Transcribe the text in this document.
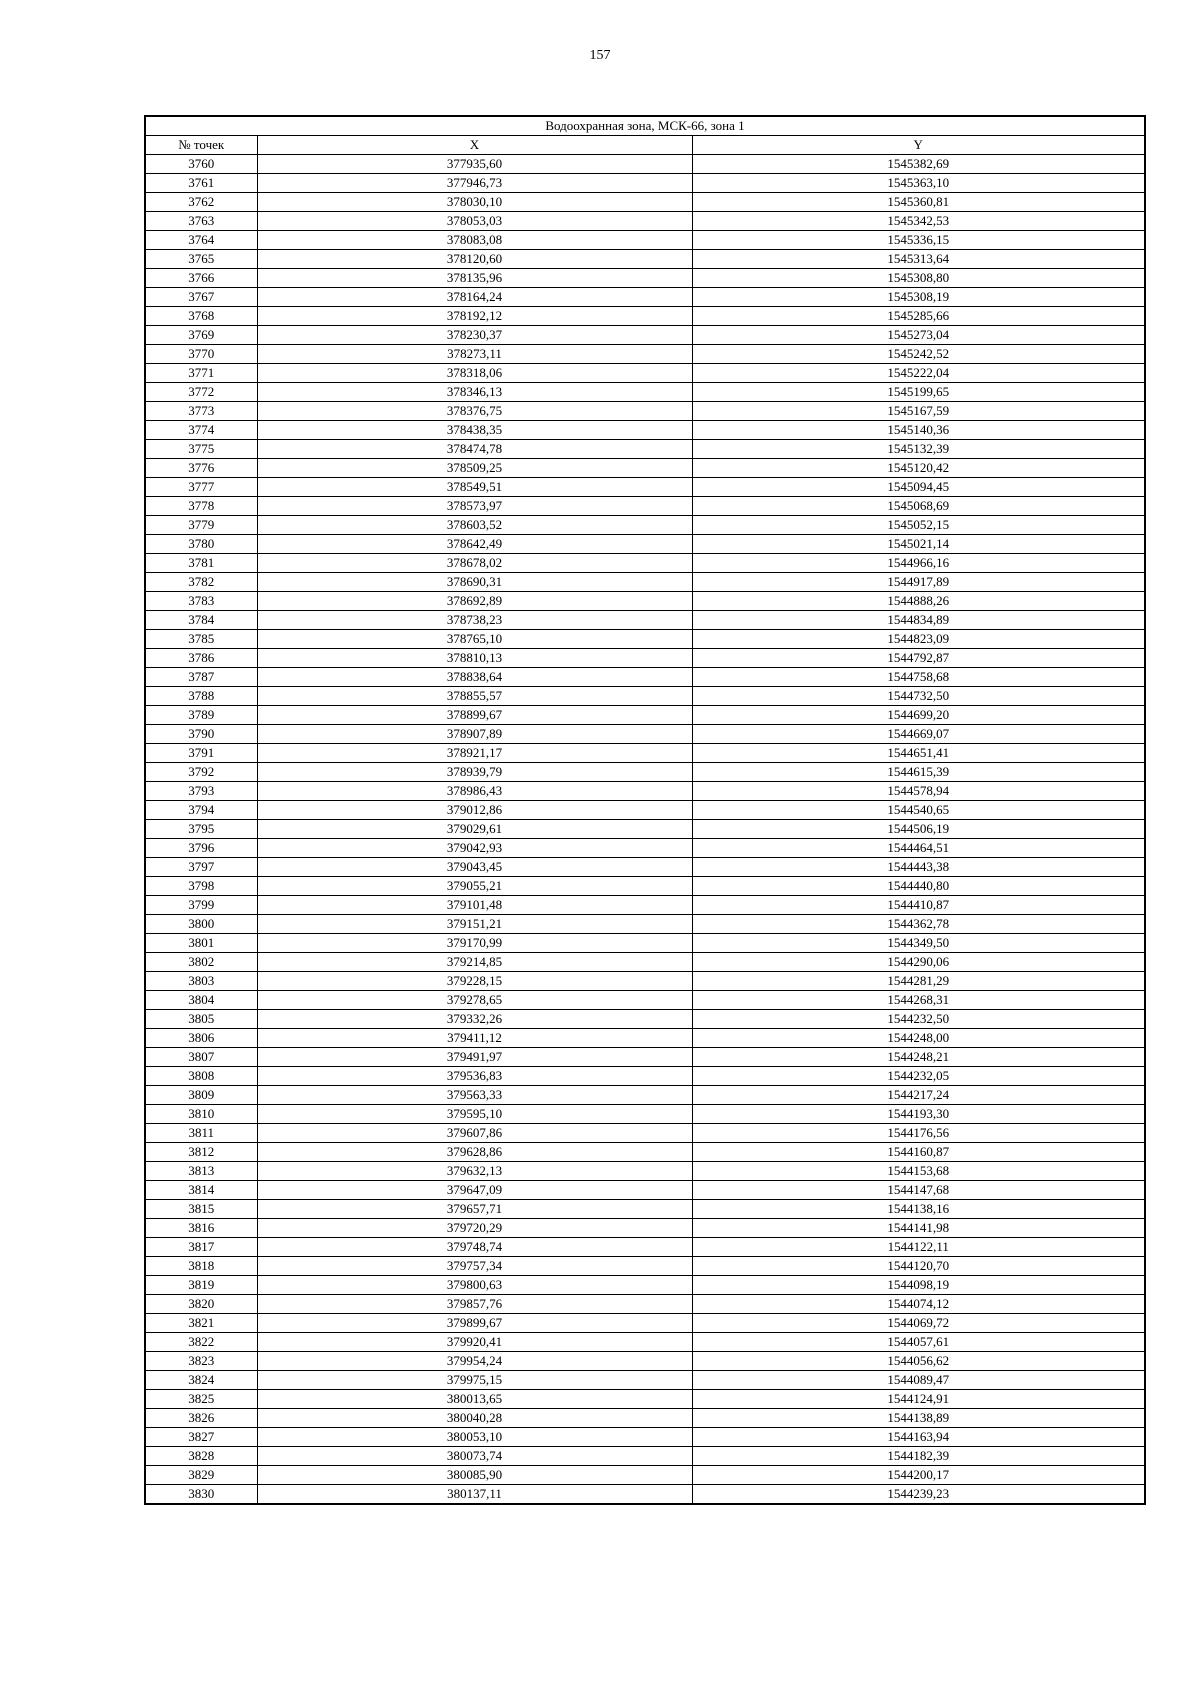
157
Водоохранная зона, МСК-66, зона 1		
№ точек	X	Y
3760	377935,60	1545382,69
3761	377946,73	1545363,10
3762	378030,10	1545360,81
3763	378053,03	1545342,53
3764	378083,08	1545336,15
3765	378120,60	1545313,64
3766	378135,96	1545308,80
3767	378164,24	1545308,19
3768	378192,12	1545285,66
3769	378230,37	1545273,04
3770	378273,11	1545242,52
3771	378318,06	1545222,04
3772	378346,13	1545199,65
3773	378376,75	1545167,59
3774	378438,35	1545140,36
3775	378474,78	1545132,39
3776	378509,25	1545120,42
3777	378549,51	1545094,45
3778	378573,97	1545068,69
3779	378603,52	1545052,15
3780	378642,49	1545021,14
3781	378678,02	1544966,16
3782	378690,31	1544917,89
3783	378692,89	1544888,26
3784	378738,23	1544834,89
3785	378765,10	1544823,09
3786	378810,13	1544792,87
3787	378838,64	1544758,68
3788	378855,57	1544732,50
3789	378899,67	1544699,20
3790	378907,89	1544669,07
3791	378921,17	1544651,41
3792	378939,79	1544615,39
3793	378986,43	1544578,94
3794	379012,86	1544540,65
3795	379029,61	1544506,19
3796	379042,93	1544464,51
3797	379043,45	1544443,38
3798	379055,21	1544440,80
3799	379101,48	1544410,87
3800	379151,21	1544362,78
3801	379170,99	1544349,50
3802	379214,85	1544290,06
3803	379228,15	1544281,29
3804	379278,65	1544268,31
3805	379332,26	1544232,50
3806	379411,12	1544248,00
3807	379491,97	1544248,21
3808	379536,83	1544232,05
3809	379563,33	1544217,24
3810	379595,10	1544193,30
3811	379607,86	1544176,56
3812	379628,86	1544160,87
3813	379632,13	1544153,68
3814	379647,09	1544147,68
3815	379657,71	1544138,16
3816	379720,29	1544141,98
3817	379748,74	1544122,11
3818	379757,34	1544120,70
3819	379800,63	1544098,19
3820	379857,76	1544074,12
3821	379899,67	1544069,72
3822	379920,41	1544057,61
3823	379954,24	1544056,62
3824	379975,15	1544089,47
3825	380013,65	1544124,91
3826	380040,28	1544138,89
3827	380053,10	1544163,94
3828	380073,74	1544182,39
3829	380085,90	1544200,17
3830	380137,11	1544239,23
